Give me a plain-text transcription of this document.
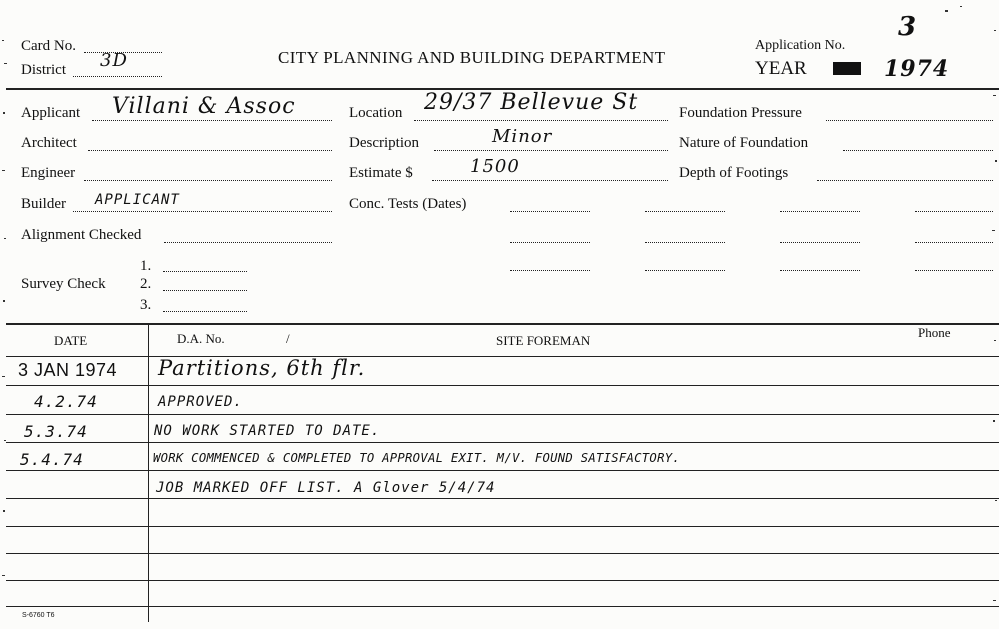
Card No.
District 3D	CITY PLANNING AND BUILDING DEPARTMENT
Application No.
3
YEAR	1974
Applicant Villani & Assoc
Architect
Engineer
Builder APPLICANT
Alignment Checked
Survey Check
1.
2.
3.
Location 29/37 Bellevue St
Description	Minor
Estimate $	1500
Conc. Tests (Dates)
Foundation Pressure
Nature of Foundation
Depth of Footings
DATE	D.A. No.	/	SITE FOREMAN
Phone
3 JAN 1974 Partitions, 6th flr.
4.2.74	APPROVED.
5.3.74	NO WORK STARTED TO DATE.
5.4.74	WORK COMMENCED & COMPLETED TO APPROVAL EXIT. M/V. FOUND SATISFACTORY.
JOB MARKED OFF LIST. A Glover 5/4/74
S-6760 T6
